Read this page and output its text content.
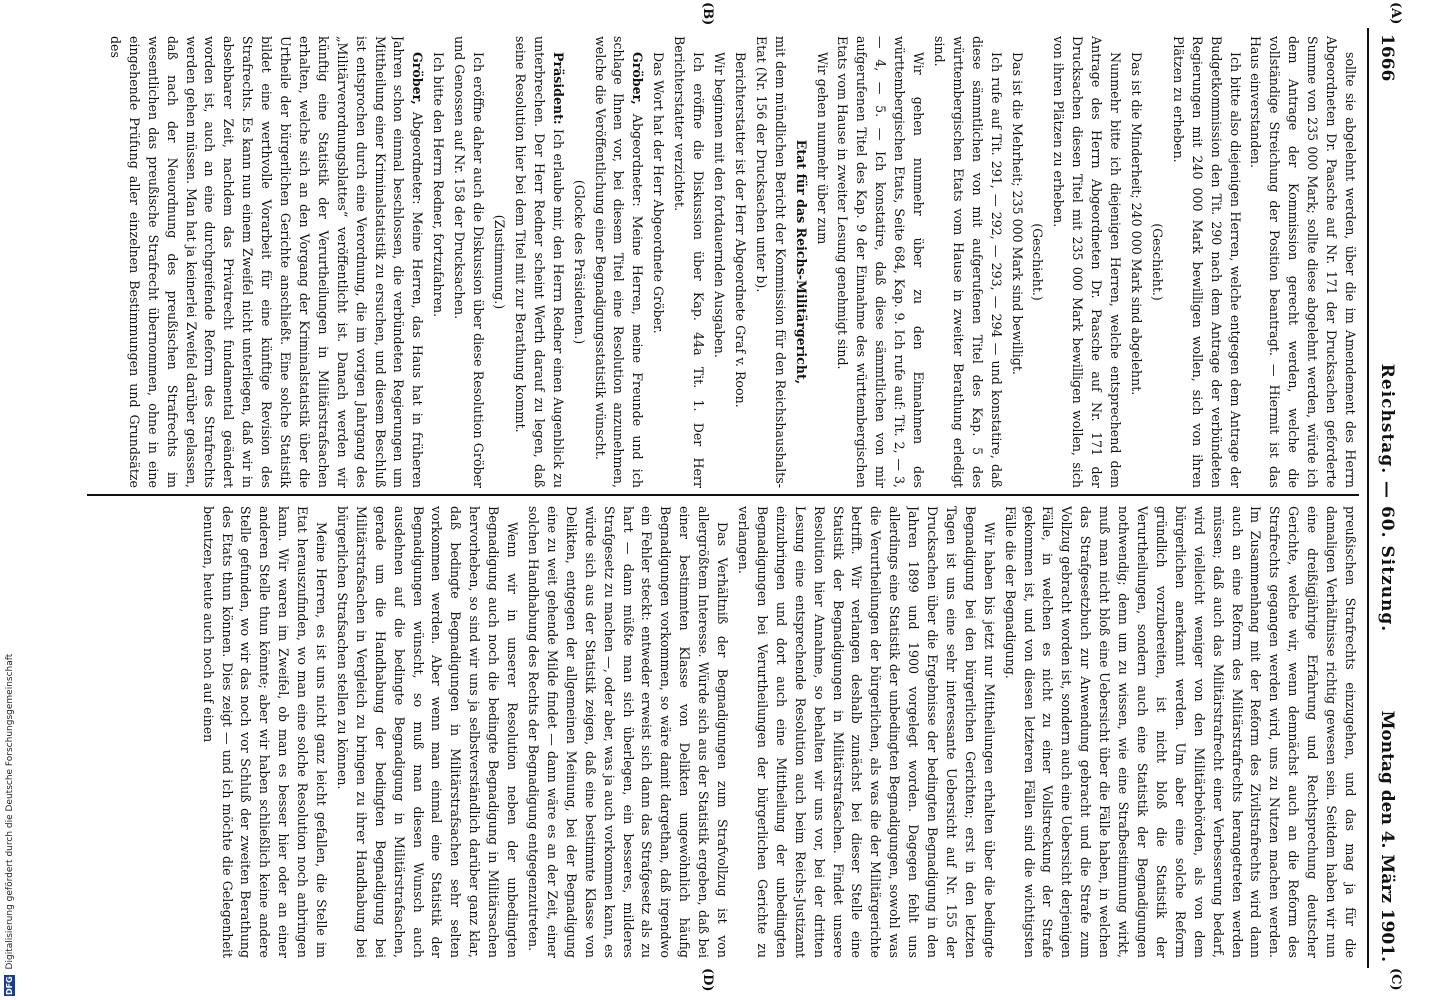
1666
Reichstag. — 60. Sitzung.
Montag den 4. März 1901.

sollte sie abgelehnt werden, über die im Amendement des Herrn Abgeordneten Dr. Paasche auf Nr. 171 der Drucksachen geforderte Summe von 235 000 Mark; sollte diese abgelehnt werden, würde ich dem Antrage der Kommission gerecht werden, welche die vollständige Streichung der Position beantragt. — Hiermit ist das Haus einverstanden.

Ich bitte also diejenigen Herren, welche entgegen dem Antrage der Budgetkommission den Tit. 290 nach dem Antrage der verbündeten Regierungen mit 240 000 Mark bewilligen wollen, sich von ihren Plätzen zu erheben.

(Geschieht.)

Das ist die Minderheit; 240 000 Mark sind abgelehnt.

Nunmehr bitte ich diejenigen Herren, welche entsprechend dem Antrage des Herrn Abgeordneten Dr. Paasche auf Nr. 171 der Drucksachen diesen Titel mit 235 000 Mark bewilligen wollen, sich von ihren Plätzen zu erheben.

(Geschieht.)

Das ist die Mehrheit; 235 000 Mark sind bewilligt.

Ich rufe auf Tit. 291, — 292, — 293, — 294 — und konstatire, daß diese sämmtlichen von mit aufgerufenen Titel des Kap. 5 des württembergischen Etats vom Hause in zweiter Berathung erledigt sind.

Wir gehen nunmehr über zu den Einnahmen des württembergischen Etats, Seite 684, Kap. 9. Ich rufe auf: Tit. 2, — 3, — 4, — 5. — Ich konstatire, daß diese sämmtlichen von mir aufgerufenen Titel des Kap. 9 der Einnahme des württembergischen Etats vom Hause in zweiter Lesung genehmigt sind.

Wir gehen nunmehr über zum

Etat für das Reichs-Militärgericht,

mit dem mündlichen Bericht der Kommission für den Reichshaushalts-Etat (Nr. 156 der Drucksachen unter b).

Berichterstatter ist der Herr Abgeordnete Graf v. Roon.

Wir beginnen mit den fortdauernden Ausgaben.

Ich eröffne die Diskussion über Kap. 44a Tit. 1. Der Herr Berichterstatter verzichtet.

Das Wort hat der Herr Abgeordnete Gröber.

Gröber, Abgeordneter: Meine Herren, meine Freunde und ich schlage Ihnen vor, bei diesem Titel eine Resolution anzunehmen, welche die Veröffentlichung einer Begnadigungsstatistik wünscht.

(Glocke des Präsidenten.)

Präsident: Ich erlaube mir, den Herrn Redner einen Augenblick zu unterbrechen. Der Herr Redner scheint Werth darauf zu legen, daß seine Resolution hier bei dem Titel mit zur Berathung kommt.

(Zustimmung.)

Ich eröffne daher auch die Diskussion über diese Resolution Gröber und Genossen auf Nr. 158 der Drucksachen.

Ich bitte den Herrn Redner, fortzufahren.

Gröber, Abgeordneter: Meine Herren, das Haus hat in früheren Jahren schon einmal beschlossen, die verbündeten Regierungen um Mittheilung einer Kriminalstatistik zu ersuchen, und diesem Beschluß ist entsprochen durch eine Verordnung, die im vorigen Jahrgang des „Militärverordnungsblattes“ veröffentlicht ist. Danach werden wir künftig eine Statistik der Verurtheilungen in Militärstrafsachen erhalten, welche sich an den Vorgang der Kriminalstatistik über die Urtheile der bürgerlichen Gerichte anschließt. Eine solche Statistik bildet eine werthvolle Vorarbeit für eine künftige Revision des Strafrechts. Es kann nun einem Zweifel nicht unterliegen, daß wir in absehbarer Zeit, nachdem das Privatrecht fundamental geändert worden ist, auch an eine durchgreifende Reform des Strafrechts werden gehen müssen. Man hat ja keinerlei Zweifel darüber gelassen, daß nach der Neuordnung des preußischen Strafrechts im wesentlichen das preußische Strafrecht übernommen, ohne in eine eingehende Prüfung aller einzelnen Bestimmungen und Grundsätze des

preußischen Strafrechts einzugehen, und das mag ja für die damaligen Verhältnisse richtig gewesen sein. Seitdem haben wir nun eine dreißigjährige Erfahrung und Rechtsprechung deutscher Gerichte, welche wir, wenn demnächst auch an die Reform des Strafrechts gegangen werden wird, uns zu Nutzen machen werden. Im Zusammenhang mit der Reform des Zivilstrafrechts wird dann auch an eine Reform des Militärstrafrechts herangetreten werden müssen; daß auch das Militärstrafrecht einer Verbesserung bedarf, wird vielleicht weniger von den Militärbehörden, als von dem bürgerlichen anerkannt werden. Um aber eine solche Reform gründlich vorzubereiten, ist nicht bloß die Statistik der Verurtheilungen, sondern auch eine Statistik der Begnadigungen nothwendig; denn um zu wissen, wie eine Strafbestimmung wirkt, muß man nicht bloß eine Uebersicht über die Fälle haben, in welchen das Strafgesetzbuch zur Anwendung gebracht und die Strafe zum Vollzug gebracht worden ist, sondern auch eine Uebersicht derjenigen Fälle, in welchen es nicht zu einer Vollstreckung der Strafe gekommen ist, und von diesen letzteren Fällen sind die wichtigsten Fälle die der Begnadigung.

Wir haben bis jetzt nur Mittheilungen erhalten über die bedingte Begnadigung bei den bürgerlichen Gerichten; erst in den letzten Tagen ist uns eine sehr interessante Uebersicht auf Nr. 155 der Drucksachen über die Ergebnisse der bedingten Begnadigung in den Jahren 1899 und 1900 vorgelegt worden. Dagegen fehlt uns allerdings eine Statistik der unbedingten Begnadigungen, sowohl was die Verurtheilungen der bürgerlichen, als was die der Militärgerichte betrifft. Wir verlangen deshalb zunächst bei dieser Stelle eine Statistik der Begnadigungen in Militärstrafsachen. Findet unsere Resolution hier Annahme, so behalten wir uns vor, bei der dritten Lesung eine entsprechende Resolution auch beim Reichs-Justizamt einzubringen und dort auch eine Mittheilung der unbedingten Begnadigungen bei Verurtheilungen der bürgerlichen Gerichte zu verlangen.

Das Verhältniß der Begnadigungen zum Strafvollzug ist von allergrößtem Interesse. Würde sich aus der Statistik ergeben, daß bei einer bestimmten Klasse von Delikten ungewöhnlich häufig Begnadigungen vorkommen, so wäre damit dargethan, daß irgendwo ein Fehler steckt: entweder erweist sich dann das Strafgesetz als zu hart — dann müßte man sich überlegen, ein besseres, milderes Strafgesetz zu machen —, oder aber, was ja auch vorkommen kann, es würde sich aus der Statistik zeigen, daß eine bestimmte Klasse von Delikten, entgegen der allgemeinen Meinung, bei der Begnadigung eine zu weit gehende Milde findet — dann wäre es an der Zeit, einer solchen Handhabung des Rechts der Begnadigung entgegenzutreten.

Wenn wir in unserer Resolution neben der unbedingten Begnadigung auch noch die bedingte Begnadigung in Militärsachen hervorheben, so sind wir uns ja selbstverständlich darüber ganz klar, daß bedingte Begnadigungen in Militärstrafsachen sehr selten vorkommen werden. Aber wenn man einmal eine Statistik der Begnadigungen wünscht, so muß man diesen Wunsch auch ausdehnen auf die bedingte Begnadigung in Militärstrafsachen, gerade um die Handhabung der bedingten Begnadigung bei Militärstrafsachen in Vergleich zu bringen zu ihrer Handhabung bei bürgerlichen Strafsachen stellen zu können.

Meine Herren, es ist uns nicht ganz leicht gefallen, die Stelle im Etat herauszufinden, wo man eine solche Resolution noch anbringen kann. Wir waren im Zweifel, ob man es besser hier oder an einer anderen Stelle thun könnte; aber wir haben schließlich keine andere Stelle gefunden, wo wir das noch vor Schluß der zweiten Berathung des Etats thun können. Dies zeigt — und ich möchte die Gelegenheit benutzen, heute auch noch auf einen

(A)
(B)
(C)
(D)
DFG Digitalisierung gefördert durch die Deutsche Forschungsgemeinschaft
